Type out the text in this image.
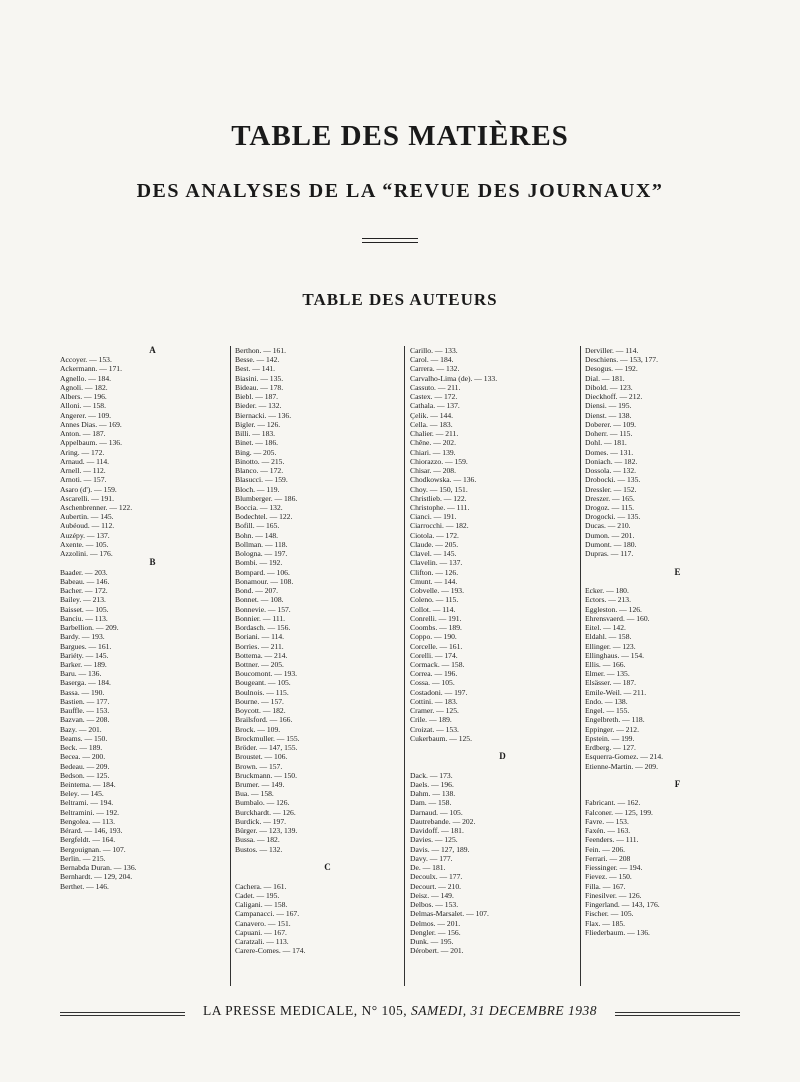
TABLE DES MATIÈRES
DES ANALYSES DE LA “REVUE DES JOURNAUX”
TABLE DES AUTEURS
A
Accoyer. — 153.
Ackermann. — 171.
Agnello. — 184.
Agnoli. — 182.
Albers. — 196.
Alloni. — 158.
Angerer. — 109.
Annes Dias. — 169.
Anton. — 187.
Appelbaum. — 136.
Aring. — 172.
Arnaud. — 114.
Arnell. — 112.
Arnoti. — 157.
Asaro (d'). — 159.
Ascarelli. — 191.
Aschenbrenner. — 122.
Aubertin. — 145.
Aubéoud. — 112.
Auzépy. — 137.
Axente. — 105.
Azzolini. — 176.
B
Baader. — 203.
Babeau. — 146.
Bacher. — 172.
Bailey. — 213.
Baisset. — 105.
Banciu. — 113.
Barbellion. — 209.
Bardy. — 193.
Bargues. — 161.
Bariéty. — 145.
Barker. — 189.
Baru. — 136.
Baserga. — 184.
Bassa. — 190.
Bastien. — 177.
Bauffle. — 153.
Bazvan. — 208.
Bazy. — 201.
Beams. — 150.
Beck. — 189.
Becea. — 200.
Bedeau. — 209.
Bedson. — 125.
Beintema. — 184.
Beley. — 145.
Beltrami. — 194.
Beltramini. — 192.
Bengolea. — 113.
Bérard. — 146, 193.
Bergfeldt. — 164.
Bergouignan. — 107.
Berlin. — 215.
Bernabda Duran. — 136.
Bernhardt. — 129, 204.
Berthet. — 146.
Berthon. — 161.
Besse. — 142.
Best. — 141.
Biasini. — 135.
Bideau. — 178.
Biebl. — 187.
Bieder. — 132.
Biernacki. — 136.
Bigler. — 126.
Billi. — 183.
Binet. — 186.
Bing. — 205.
Binotto. — 215.
Blanco. — 172.
Blasucci. — 159.
Bloch. — 119.
Blumberger. — 186.
Boccia. — 132.
Bodechtel. — 122.
Bofill. — 165.
Bohn. — 148.
Bollman. — 118.
Bologna. — 197.
Bombi. — 192.
Bompard. — 106.
Bonamour. — 108.
Bond. — 207.
Bonnet. — 108.
Bonnevie. — 157.
Bonnier. — 111.
Bordasch. — 156.
Boriani. — 114.
Borries. — 211.
Bottema. — 214.
Bottner. — 205.
Boucomont. — 193.
Bougeant. — 105.
Boulnois. — 115.
Bourne. — 157.
Boycott. — 182.
Brailsford. — 166.
Brock. — 109.
Brockmuller. — 155.
Bröder. — 147, 155.
Broustet. — 106.
Brown. — 157.
Bruckmann. — 150.
Brumer. — 149.
Bua. — 158.
Bumbalo. — 126.
Burckhardt. — 126.
Burdick. — 197.
Bürger. — 123, 139.
Bussa. — 182.
Bustos. — 132.
C
Cachera. — 161.
Cadet. — 195.
Caligani. — 158.
Campanacci. — 167.
Canavero. — 151.
Capuani. — 167.
Caratzali. — 113.
Carere-Comes. — 174.
Carillo. — 133.
Carol. — 184.
Carrera. — 132.
Carvalho-Lima (de). — 133.
Cassuto. — 211.
Castex. — 172.
Cathala. — 137.
Çelik. — 144.
Cella. — 183.
Chalier. — 211.
Chêne. — 202.
Chiari. — 139.
Chiorazzo. — 159.
Chisar. — 208.
Chodkowska. — 136.
Choy. — 150, 151.
Christlieb. — 122.
Christophe. — 111.
Cianci. — 191.
Ciarrocchi. — 182.
Ciotola. — 172.
Claude. — 205.
Clavel. — 145.
Clavelin. — 137.
Clifton. — 126.
Cmunt. — 144.
Cobvelle. — 193.
Coleno. — 115.
Collot. — 114.
Conrelli. — 191.
Coombs. — 189.
Coppo. — 190.
Corcelle. — 161.
Corelli. — 174.
Cormack. — 158.
Correa. — 196.
Cossa. — 105.
Costadoni. — 197.
Cottini. — 183.
Cramer. — 125.
Crile. — 189.
Croizat. — 153.
Cukerbaum. — 125.
D
Dack. — 173.
Daels. — 196.
Dahm. — 138.
Dam. — 158.
Darnaud. — 105.
Dautrebande. — 202.
Davidoff. — 181.
Davies. — 125.
Davis. — 127, 189.
Davy. — 177.
De. — 181.
Decoulx. — 177.
Decourt. — 210.
Deisz. — 149.
Delbos. — 153.
Delmas-Marsalet. — 107.
Delmos. — 201.
Dengler. — 156.
Dunk. — 195.
Dérobert. — 201.
Derviller. — 114.
Deschiens. — 153, 177.
Desogus. — 192.
Dial. — 181.
Dibold. — 123.
Dieckhoff. — 212.
Diensi. — 195.
Dienst. — 138.
Doberer. — 109.
Doherr. — 115.
Dohl. — 181.
Domes. — 131.
Doniach. — 182.
Dossola. — 132.
Drobocki. — 135.
Dressler. — 152.
Dreszer. — 165.
Drogoz. — 115.
Drogocki. — 135.
Ducas. — 210.
Dumon. — 201.
Dumont. — 180.
Dupras. — 117.
E
Ecker. — 180.
Ectors. — 213.
Eggleston. — 126.
Ehrensvaerd. — 160.
Eitel. — 142.
Eldahl. — 158.
Ellinger. — 123.
Ellinghaus. — 154.
Ellis. — 166.
Elmer. — 135.
Elsässer. — 187.
Emile-Weil. — 211.
Endo. — 138.
Engel. — 155.
Engelbreth. — 118.
Eppinger. — 212.
Epstein. — 199.
Erdberg. — 127.
Esquerra-Gomez. — 214.
Etienne-Martin. — 209.
F
Fabricant. — 162.
Falconer. — 125, 199.
Favre. — 153.
Faxén. — 163.
Feenders. — 111.
Fein. — 206.
Ferrari. — 208
Fiessinger. — 194.
Fievez. — 150.
Filla. — 167.
Finesilver. — 126.
Fingerland. — 143, 176.
Fischer. — 105.
Flax. — 185.
Fliederbaum. — 136.
LA PRESSE MEDICALE, N° 105, SAMEDI, 31 DECEMBRE 1938
